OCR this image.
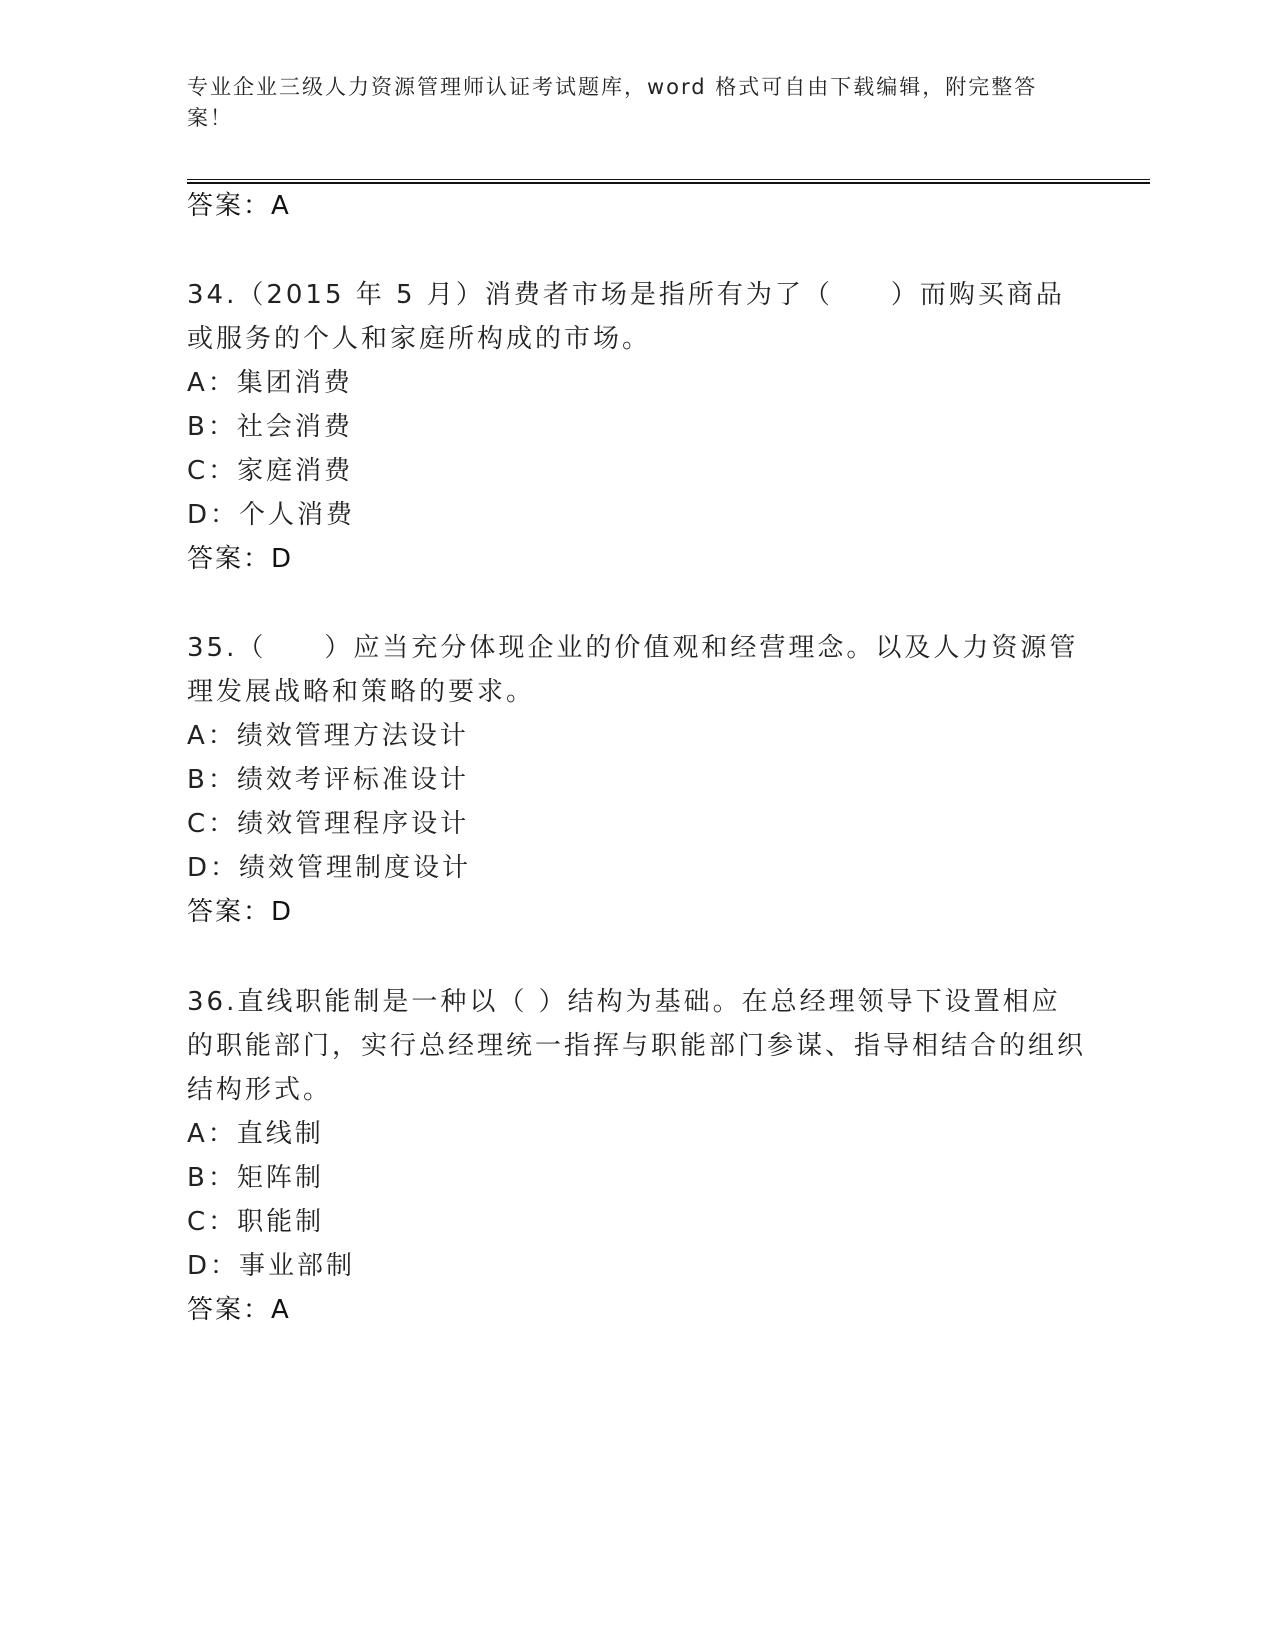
专业企业三级人力资源管理师认证考试题库，word 格式可自由下载编辑，附完整答案！
答案：A
34.（2015 年 5 月）消费者市场是指所有为了（　　）而购买商品或服务的个人和家庭所构成的市场。
A：集团消费
B：社会消费
C：家庭消费
D：个人消费
答案：D
35.（　　）应当充分体现企业的价值观和经营理念。以及人力资源管理发展战略和策略的要求。
A：绩效管理方法设计
B：绩效考评标准设计
C：绩效管理程序设计
D：绩效管理制度设计
答案：D
36.直线职能制是一种以（ ）结构为基础。在总经理领导下设置相应的职能部门，实行总经理统一指挥与职能部门参谋、指导相结合的组织结构形式。
A：直线制
B：矩阵制
C：职能制
D：事业部制
答案：A
